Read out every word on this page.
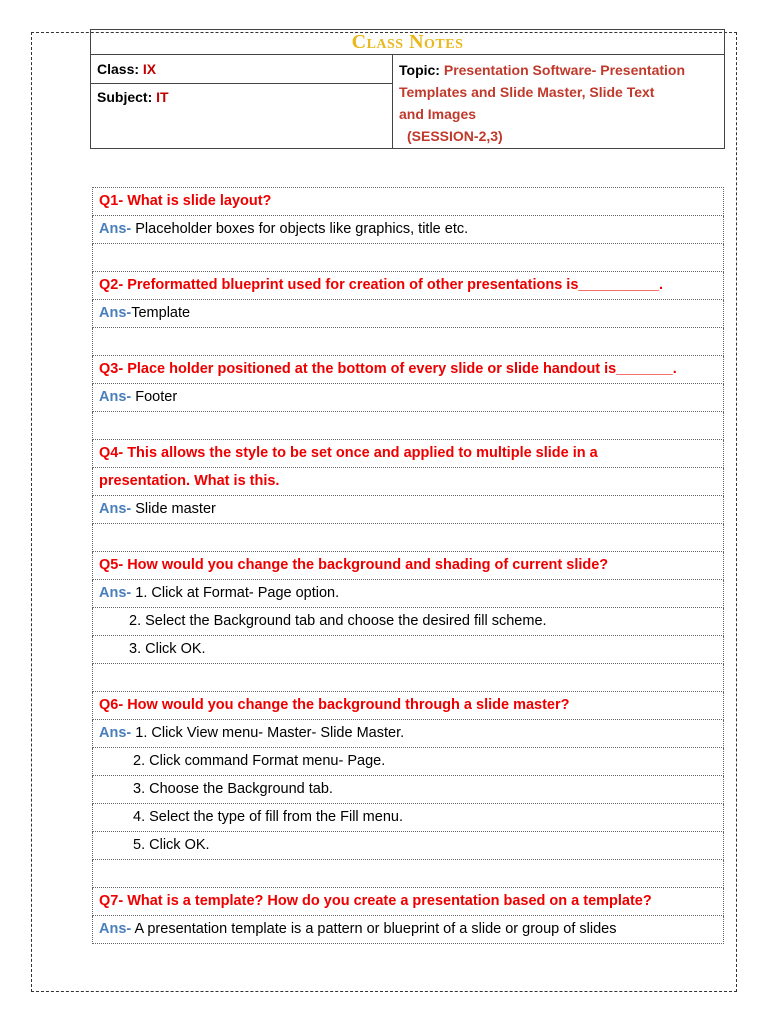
Class Notes
Class: IX	Topic: Presentation Software- Presentation
Templates and Slide Master, Slide Text
and Images
(SESSION-2,3)

Subject: IT
Q1- What is slide layout?
Ans- Placeholder boxes for objects like graphics, title etc.

Q2- Preformatted blueprint used for creation of other presentations is__________.
Ans-Template

Q3- Place holder positioned at the bottom of every slide or slide handout is_______.
Ans- Footer

Q4- This allows the style to be set once and applied to multiple slide in a
presentation. What is this.
Ans- Slide master

Q5- How would you change the background and shading of current slide?
Ans- 1. Click at Format- Page option.
2. Select the Background tab and choose the desired fill scheme.
3. Click OK.

Q6- How would you change the background through a slide master?
Ans- 1. Click View menu- Master- Slide Master.
2. Click command Format menu- Page.
3. Choose the Background tab.
4. Select the type of fill from the Fill menu.
5. Click OK.

Q7- What is a template? How do you create a presentation based on a template?
Ans- A presentation template is a pattern or blueprint of a slide or group of slides
